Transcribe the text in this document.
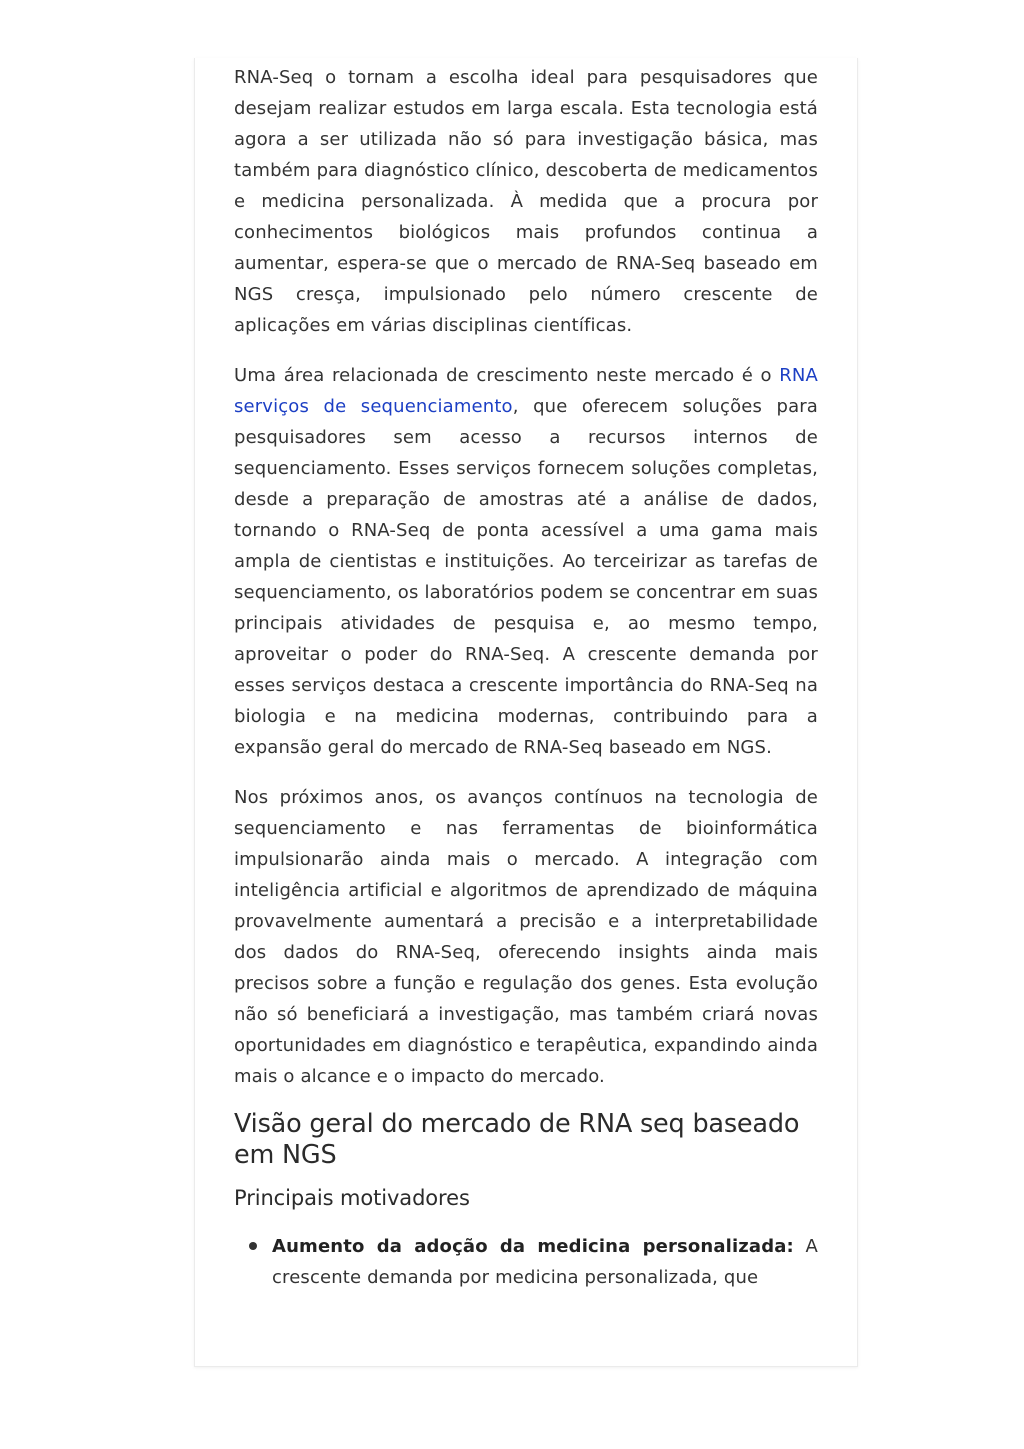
RNA-Seq o tornam a escolha ideal para pesquisadores que desejam realizar estudos em larga escala. Esta tecnologia está agora a ser utilizada não só para investigação básica, mas também para diagnóstico clínico, descoberta de medicamentos e medicina personalizada. À medida que a procura por conhecimentos biológicos mais profundos continua a aumentar, espera-se que o mercado de RNA-Seq baseado em NGS cresça, impulsionado pelo número crescente de aplicações em várias disciplinas científicas.

Uma área relacionada de crescimento neste mercado é o RNA serviços de sequenciamento, que oferecem soluções para pesquisadores sem acesso a recursos internos de sequenciamento. Esses serviços fornecem soluções completas, desde a preparação de amostras até a análise de dados, tornando o RNA-Seq de ponta acessível a uma gama mais ampla de cientistas e instituições. Ao terceirizar as tarefas de sequenciamento, os laboratórios podem se concentrar em suas principais atividades de pesquisa e, ao mesmo tempo, aproveitar o poder do RNA-Seq. A crescente demanda por esses serviços destaca a crescente importância do RNA-Seq na biologia e na medicina modernas, contribuindo para a expansão geral do mercado de RNA-Seq baseado em NGS.

Nos próximos anos, os avanços contínuos na tecnologia de sequenciamento e nas ferramentas de bioinformática impulsionarão ainda mais o mercado. A integração com inteligência artificial e algoritmos de aprendizado de máquina provavelmente aumentará a precisão e a interpretabilidade dos dados do RNA-Seq, oferecendo insights ainda mais precisos sobre a função e regulação dos genes. Esta evolução não só beneficiará a investigação, mas também criará novas oportunidades em diagnóstico e terapêutica, expandindo ainda mais o alcance e o impacto do mercado.

Visão geral do mercado de RNA seq baseado em NGS
Principais motivadores
Aumento da adoção da medicina personalizada: A crescente demanda por medicina personalizada, que
